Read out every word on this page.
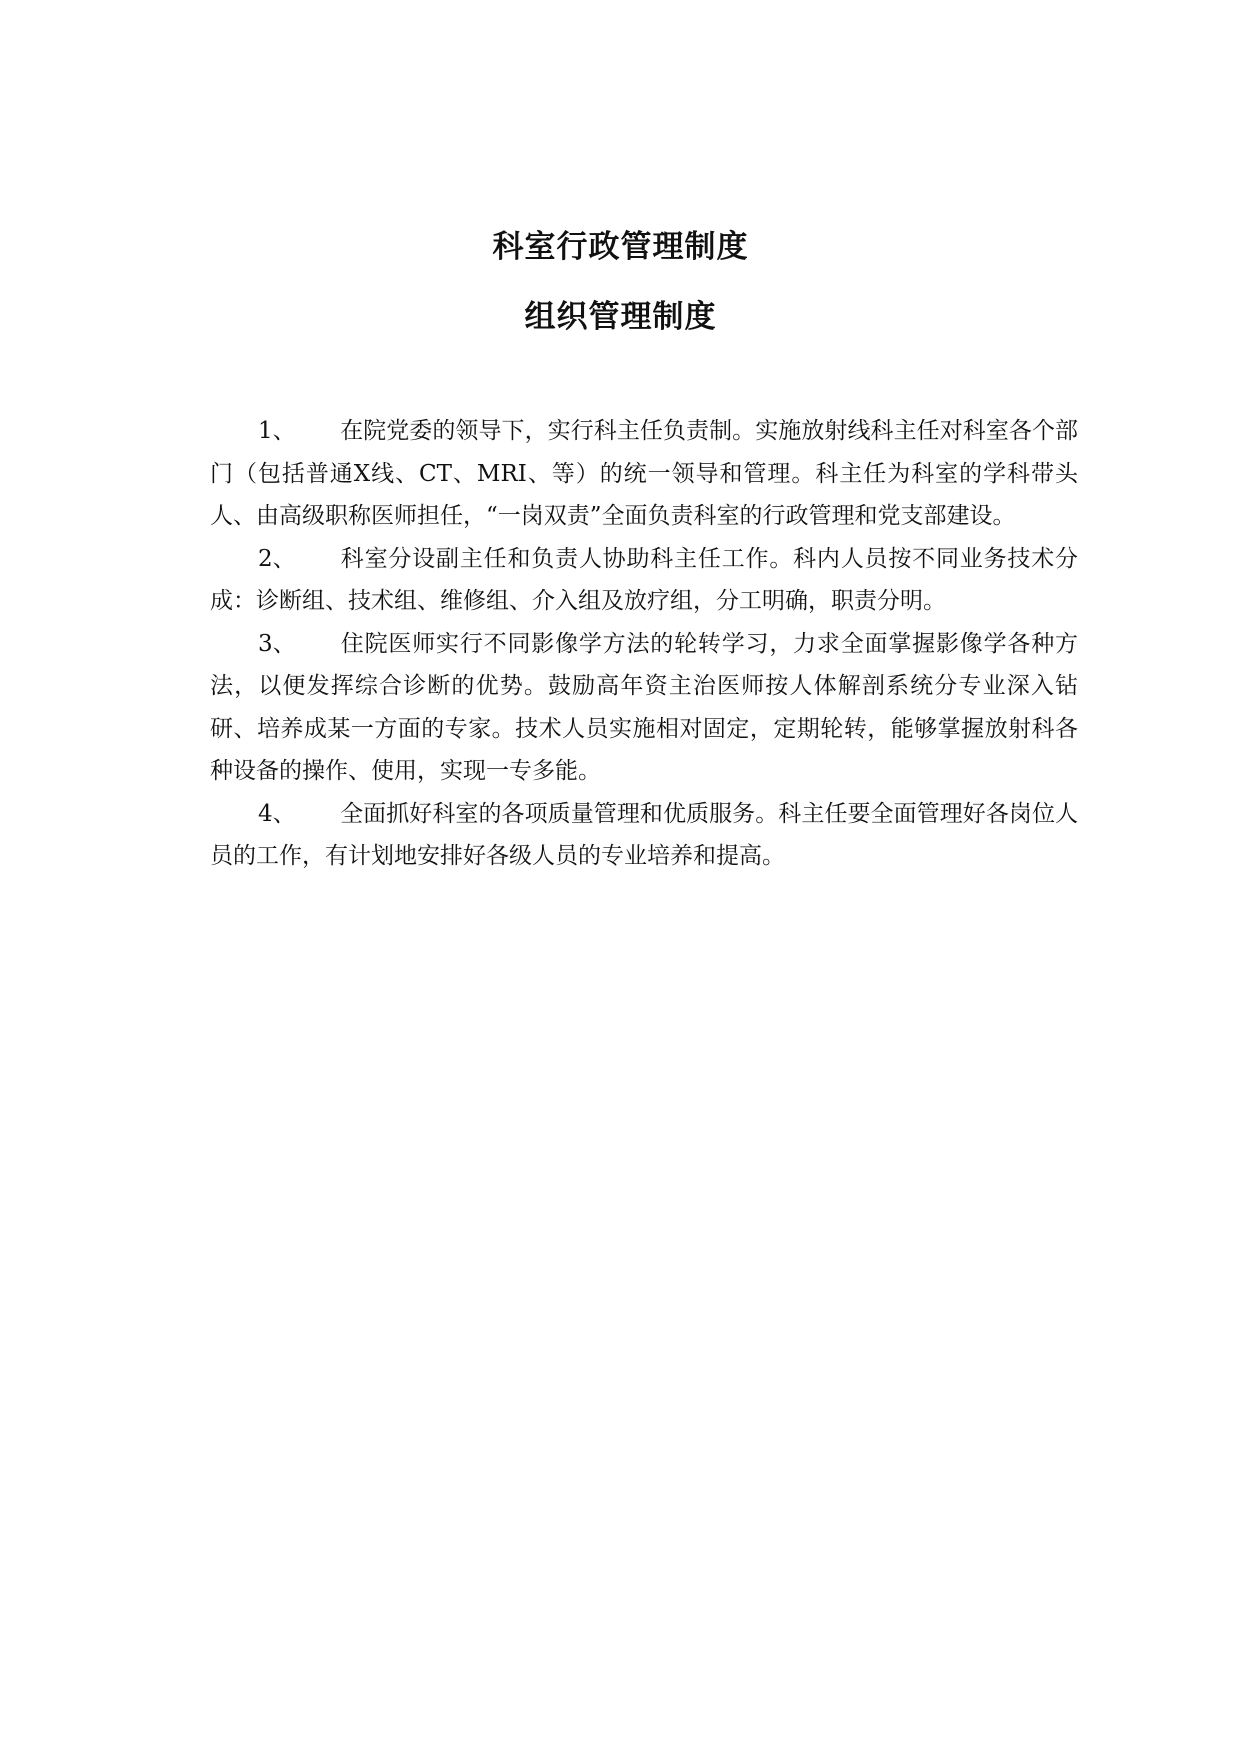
科室行政管理制度
组织管理制度

1、 在院党委的领导下，实行科主任负责制。实施放射线科主任对科室各个部门（包括普通X线、CT、MRI、等）的统一领导和管理。科主任为科室的学科带头人、由高级职称医师担任，“一岗双责”全面负责科室的行政管理和党支部建设。

2、 科室分设副主任和负责人协助科主任工作。科内人员按不同业务技术分成：诊断组、技术组、维修组、介入组及放疗组，分工明确，职责分明。

3、 住院医师实行不同影像学方法的轮转学习，力求全面掌握影像学各种方法，以便发挥综合诊断的优势。鼓励高年资主治医师按人体解剖系统分专业深入钻研、培养成某一方面的专家。技术人员实施相对固定，定期轮转，能够掌握放射科各种设备的操作、使用，实现一专多能。

4、 全面抓好科室的各项质量管理和优质服务。科主任要全面管理好各岗位人员的工作，有计划地安排好各级人员的专业培养和提高。
